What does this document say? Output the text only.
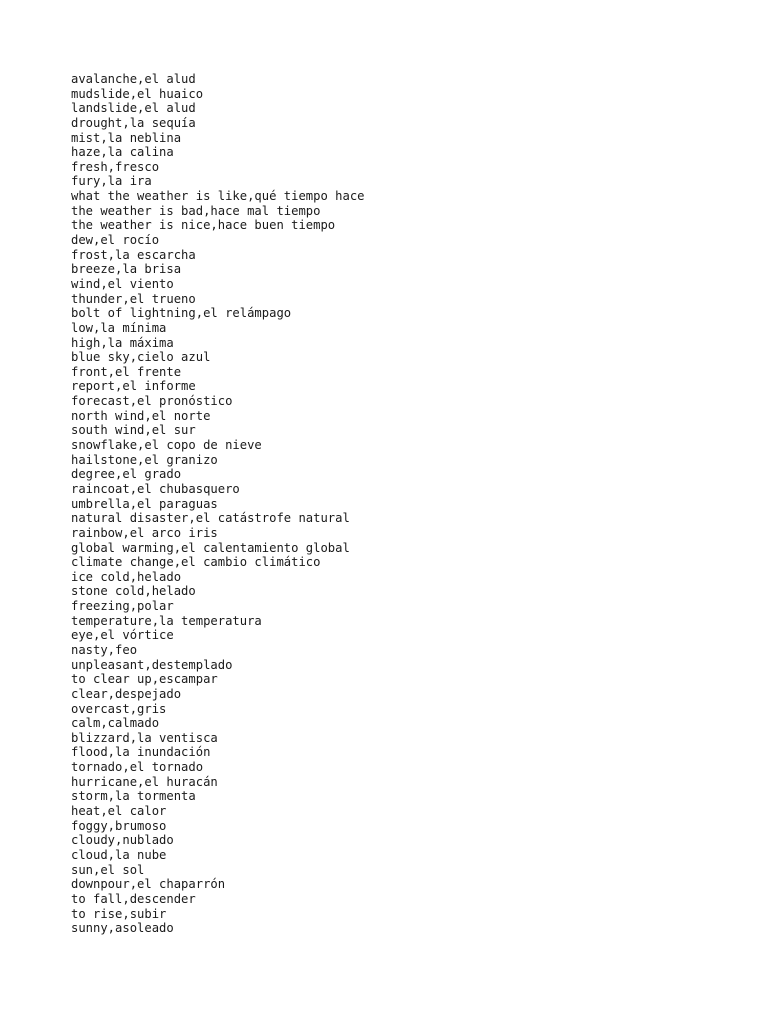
avalanche,el alud
mudslide,el huaico
landslide,el alud
drought,la sequía
mist,la neblina
haze,la calina
fresh,fresco
fury,la ira
what the weather is like,qué tiempo hace
the weather is bad,hace mal tiempo
the weather is nice,hace buen tiempo
dew,el rocío
frost,la escarcha
breeze,la brisa
wind,el viento
thunder,el trueno
bolt of lightning,el relámpago
low,la mínima
high,la máxima
blue sky,cielo azul
front,el frente
report,el informe
forecast,el pronóstico
north wind,el norte
south wind,el sur
snowflake,el copo de nieve
hailstone,el granizo
degree,el grado
raincoat,el chubasquero
umbrella,el paraguas
natural disaster,el catástrofe natural
rainbow,el arco iris
global warming,el calentamiento global
climate change,el cambio climático
ice cold,helado
stone cold,helado
freezing,polar
temperature,la temperatura
eye,el vórtice
nasty,feo
unpleasant,destemplado
to clear up,escampar
clear,despejado
overcast,gris
calm,calmado
blizzard,la ventisca
flood,la inundación
tornado,el tornado
hurricane,el huracán
storm,la tormenta
heat,el calor
foggy,brumoso
cloudy,nublado
cloud,la nube
sun,el sol
downpour,el chaparrón
to fall,descender
to rise,subir
sunny,asoleado
